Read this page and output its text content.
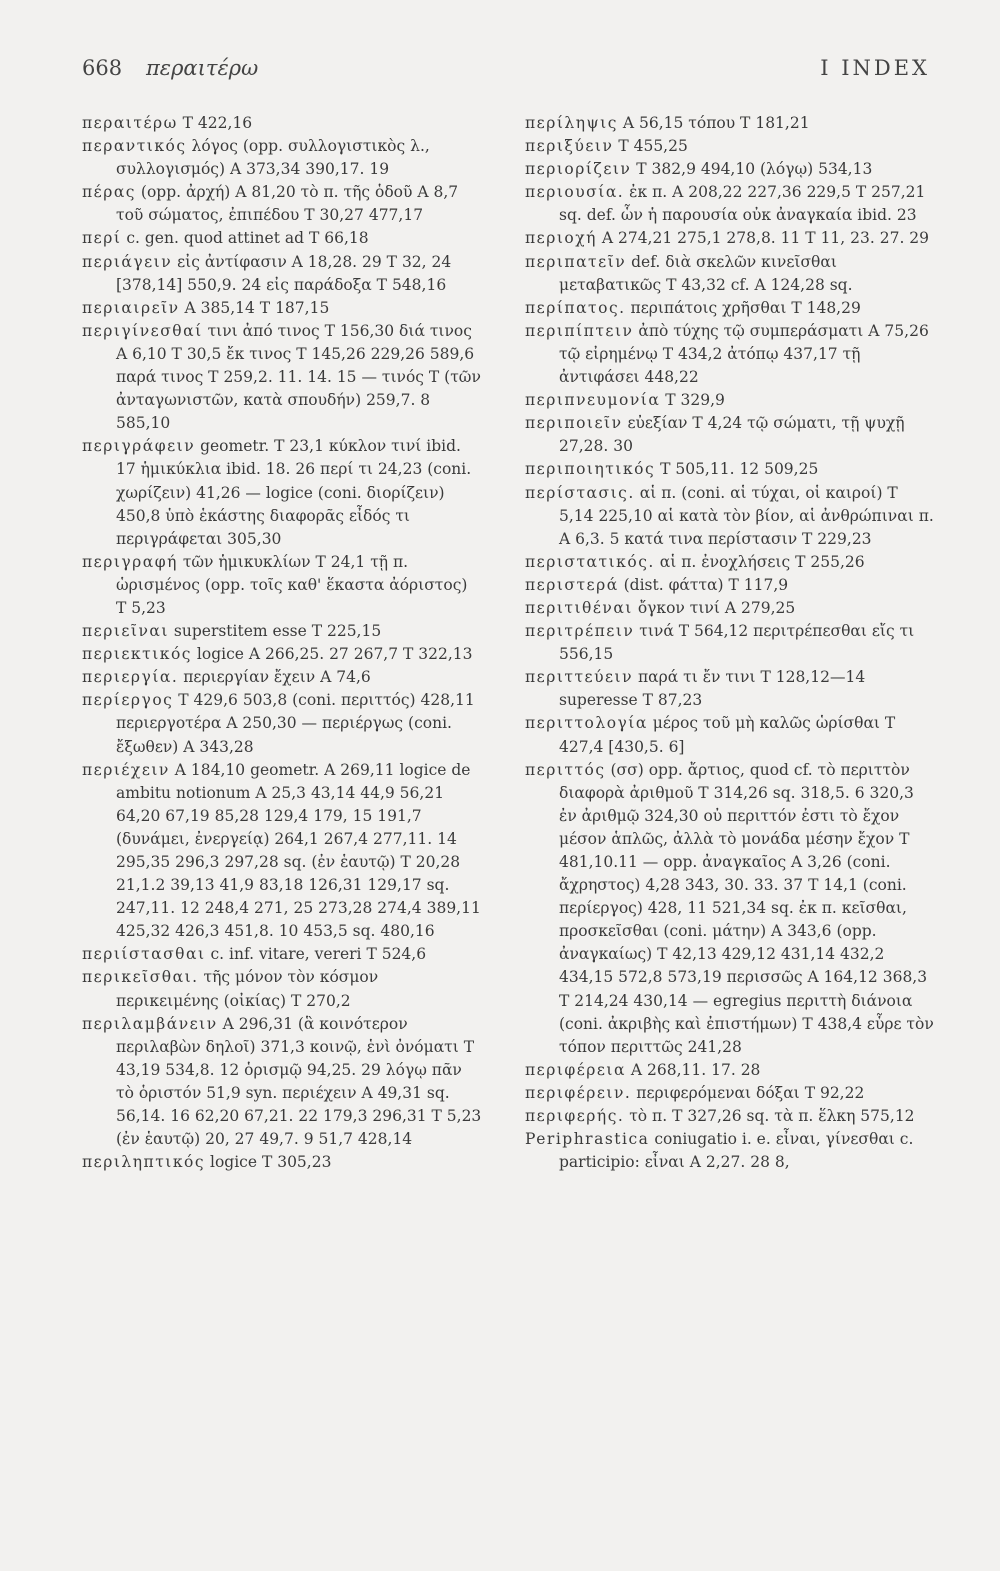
668 περαιτέρω	I INDEX
περαιτέρω T 422,16
περαντικός λόγος (opp. συλλογιστικὸς λ., συλλογισμός) A 373,34 390,17. 19
πέρας (opp. ἀρχή) A 81,20 τὸ π. τῆς ὁδοῦ A 8,7 τοῦ σώματος, ἐπιπέδου T 30,27 477,17
περί c. gen. quod attinet ad T 66,18
περιάγειν εἰς ἀντίφασιν A 18,28. 29 T 32, 24 [378,14] 550,9. 24 εἰς παράδοξα T 548,16
περιαιρεῖν A 385,14 T 187,15
περιγίνεσθαί τινι ἀπό τινος T 156,30 διά τινος A 6,10 T 30,5 ἔκ τινος T 145,26 229,26 589,6 παρά τινος T 259,2. 11. 14. 15 — τινός T (τῶν ἀνταγωνιστῶν, κατὰ σπουδήν) 259,7. 8 585,10
περιγράφειν geometr. T 23,1 κύκλον τινί ibid. 17 ἡμικύκλια ibid. 18. 26 περί τι 24,23 (coni. χωρίζειν) 41,26 — logice (coni. διορίζειν) 450,8 ὑπὸ ἑκάστης διαφορᾶς εἶδός τι περιγράφεται 305,30
περιγραφή τῶν ἡμικυκλίων T 24,1 τῇ π. ὡρισμένος (opp. τοῖς καθ' ἕκαστα ἀόριστος) T 5,23
περιεῖναι superstitem esse T 225,15
περιεκτικός logice A 266,25. 27 267,7 T 322,13
περιεργία. περιεργίαν ἔχειν A 74,6
περίεργος T 429,6 503,8 (coni. περιττός) 428,11 περιεργοτέρα A 250,30 — περιέργως (coni. ἔξωθεν) A 343,28
περιέχειν A 184,10 geometr. A 269,11 logice de ambitu notionum A 25,3 43,14 44,9 56,21 64,20 67,19 85,28 129,4 179, 15 191,7 (δυνάμει, ἐνεργείᾳ) 264,1 267,4 277,11. 14 295,35 296,3 297,28 sq. (ἐν ἑαυτῷ) T 20,28 21,1.2 39,13 41,9 83,18 126,31 129,17 sq. 247,11. 12 248,4 271, 25 273,28 274,4 389,11 425,32 426,3 451,8. 10 453,5 sq. 480,16
περιίστασθαι c. inf. vitare, vereri T 524,6
περικεῖσθαι. τῆς μόνον τὸν κόσμον περικειμένης (οἰκίας) T 270,2
περιλαμβάνειν A 296,31 (ἃ κοινότερον περιλαβὼν δηλοῖ) 371,3 κοινῷ, ἑνὶ ὀνόματι T 43,19 534,8. 12 ὁρισμῷ 94,25. 29 λόγῳ πᾶν τὸ ὁριστόν 51,9 syn. περιέχειν A 49,31 sq. 56,14. 16 62,20 67,21. 22 179,3 296,31 T 5,23 (ἐν ἑαυτῷ) 20, 27 49,7. 9 51,7 428,14
περιληπτικός logice T 305,23
περίληψις A 56,15 τόπου T 181,21
περιξύειν T 455,25
περιορίζειν T 382,9 494,10 (λόγῳ) 534,13
περιουσία. ἐκ π. A 208,22 227,36 229,5 T 257,21 sq. def. ὧν ἡ παρουσία οὐκ ἀναγκαία ibid. 23
περιοχή A 274,21 275,1 278,8. 11 T 11, 23. 27. 29
περιπατεῖν def. διὰ σκελῶν κινεῖσθαι μεταβατικῶς T 43,32 cf. A 124,28 sq.
περίπατος. περιπάτοις χρῆσθαι T 148,29
περιπίπτειν ἀπὸ τύχης τῷ συμπεράσματι A 75,26 τῷ εἰρημένῳ T 434,2 ἀτόπῳ 437,17 τῇ ἀντιφάσει 448,22
περιπνευμονία T 329,9
περιποιεῖν εὐεξίαν T 4,24 τῷ σώματι, τῇ ψυχῇ 27,28. 30
περιποιητικός T 505,11. 12 509,25
περίστασις. αἱ π. (coni. αἱ τύχαι, οἱ καιροί) T 5,14 225,10 αἱ κατὰ τὸν βίον, αἱ ἀνθρώπιναι π. A 6,3. 5 κατά τινα περίστασιν T 229,23
περιστατικός. αἱ π. ἐνοχλήσεις T 255,26
περιστερά (dist. φάττα) T 117,9
περιτιθέναι ὄγκον τινί A 279,25
περιτρέπειν τινά T 564,12 περιτρέπεσθαι εἴς τι 556,15
περιττεύειν παρά τι ἔν τινι T 128,12—14 superesse T 87,23
περιττολογία μέρος τοῦ μὴ καλῶς ὡρίσθαι T 427,4 [430,5. 6]
περιττός (σσ) opp. ἄρτιος, quod cf. τὸ περιττὸν διαφορὰ ἀριθμοῦ T 314,26 sq. 318,5. 6 320,3 ἐν ἀριθμῷ 324,30 οὐ περιττόν ἐστι τὸ ἔχον μέσον ἁπλῶς, ἀλλὰ τὸ μονάδα μέσην ἔχον T 481,10.11 — opp. ἀναγκαῖος A 3,26 (coni. ἄχρηστος) 4,28 343, 30. 33. 37 T 14,1 (coni. περίεργος) 428, 11 521,34 sq. ἐκ π. κεῖσθαι, προσκεῖσθαι (coni. μάτην) A 343,6 (opp. ἀναγκαίως) T 42,13 429,12 431,14 432,2 434,15 572,8 573,19 περισσῶς A 164,12 368,3 T 214,24 430,14 — egregius περιττὴ διάνοια (coni. ἀκριβὴς καὶ ἐπιστήμων) T 438,4 εὗρε τὸν τόπον περιττῶς 241,28
περιφέρεια A 268,11. 17. 28
περιφέρειν. περιφερόμεναι δόξαι T 92,22
περιφερής. τὸ π. T 327,26 sq. τὰ π. ἕλκη 575,12
Periphrastica coniugatio i. e. εἶναι, γίνεσθαι c. participio: εἶναι A 2,27. 28 8,
